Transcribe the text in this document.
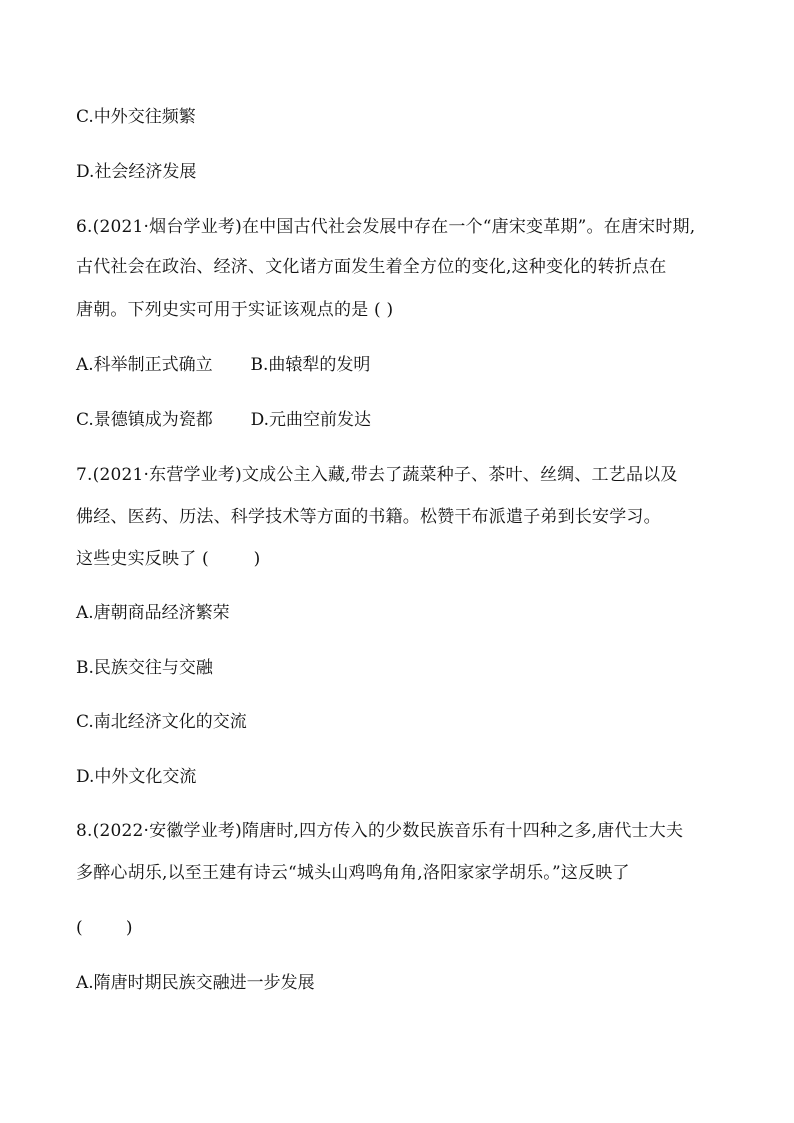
C.中外交往频繁
D.社会经济发展
6.(2021·烟台学业考)在中国古代社会发展中存在一个“唐宋变革期”。在唐宋时期,
古代社会在政治、经济、文化诸方面发生着全方位的变化,这种变化的转折点在
唐朝。下列史实可用于实证该观点的是 ( )
A.科举制正式确立       B.曲辕犁的发明
C.景德镇成为瓷都       D.元曲空前发达
7.(2021·东营学业考)文成公主入藏,带去了蔬菜种子、茶叶、丝绸、工艺品以及
佛经、医药、历法、科学技术等方面的书籍。松赞干布派遣子弟到长安学习。
这些史实反映了 (        )
A.唐朝商品经济繁荣
B.民族交往与交融
C.南北经济文化的交流
D.中外文化交流
8.(2022·安徽学业考)隋唐时,四方传入的少数民族音乐有十四种之多,唐代士大夫
多醉心胡乐,以至王建有诗云“城头山鸡鸣角角,洛阳家家学胡乐。”这反映了
(        )
A.隋唐时期民族交融进一步发展
